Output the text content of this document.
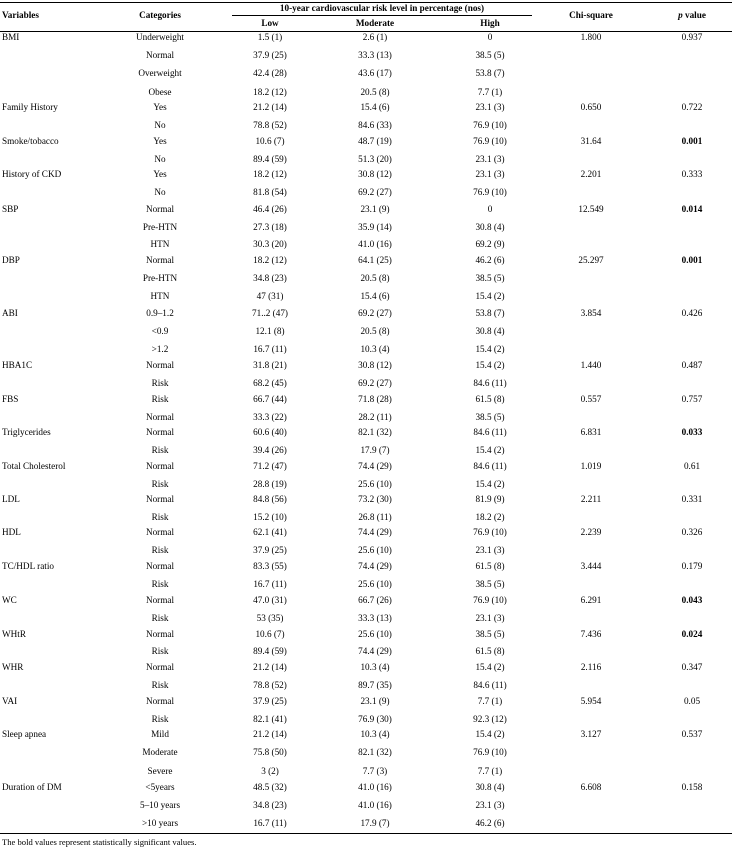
Variables	Categories
10-year cardiovascular risk level in percentage (nos)
Low	Moderate	High
Chi-square	p value
BMI	Underweight	1.5 (1)	2.6 (1)	0	1.800	0.937
Normal	37.9 (25)	33.3 (13)	38.5 (5)
Overweight	42.4 (28)	43.6 (17)	53.8 (7)
Obese	18.2 (12)	20.5 (8)	7.7 (1)
Family History	Yes	21.2 (14)	15.4 (6)	23.1 (3)	0.650	0.722
No	78.8 (52)	84.6 (33)	76.9 (10)
Smoke/tobacco	Yes	10.6 (7)	48.7 (19)	76.9 (10)	31.64	0.001
No	89.4 (59)	51.3 (20)	23.1 (3)
History of CKD	Yes	18.2 (12)	30.8 (12)	23.1 (3)	2.201	0.333
No	81.8 (54)	69.2 (27)	76.9 (10)
SBP	Normal	46.4 (26)	23.1 (9)	0	12.549	0.014
Pre-HTN	27.3 (18)	35.9 (14)	30.8 (4)
HTN	30.3 (20)	41.0 (16)	69.2 (9)
DBP	Normal	18.2 (12)	64.1 (25)	46.2 (6)	25.297	0.001
Pre-HTN	34.8 (23)	20.5 (8)	38.5 (5)
HTN	47 (31)	15.4 (6)	15.4 (2)
ABI	0.9–1.2	71..2 (47)	69.2 (27)	53.8 (7)	3.854	0.426
<0.9	12.1 (8)	20.5 (8)	30.8 (4)
>1.2	16.7 (11)	10.3 (4)	15.4 (2)
HBA1C	Normal	31.8 (21)	30.8 (12)	15.4 (2)	1.440	0.487
Risk	68.2 (45)	69.2 (27)	84.6 (11)
FBS	Risk	66.7 (44)	71.8 (28)	61.5 (8)	0.557	0.757
Normal	33.3 (22)	28.2 (11)	38.5 (5)
Triglycerides	Normal	60.6 (40)	82.1 (32)	84.6 (11)	6.831	0.033
Risk	39.4 (26)	17.9 (7)	15.4 (2)
Total Cholesterol	Normal	71.2 (47)	74.4 (29)	84.6 (11)	1.019	0.61
Risk	28.8 (19)	25.6 (10)	15.4 (2)
LDL	Normal	84.8 (56)	73.2 (30)	81.9 (9)	2.211	0.331
Risk	15.2 (10)	26.8 (11)	18.2 (2)
HDL	Normal	62.1 (41)	74.4 (29)	76.9 (10)	2.239	0.326
Risk	37.9 (25)	25.6 (10)	23.1 (3)
TC/HDL ratio	Normal	83.3 (55)	74.4 (29)	61.5 (8)	3.444	0.179
Risk	16.7 (11)	25.6 (10)	38.5 (5)
WC	Normal	47.0 (31)	66.7 (26)	76.9 (10)	6.291	0.043
Risk	53 (35)	33.3 (13)	23.1 (3)
WHtR	Normal	10.6 (7)	25.6 (10)	38.5 (5)	7.436	0.024
Risk	89.4 (59)	74.4 (29)	61.5 (8)
WHR	Normal	21.2 (14)	10.3 (4)	15.4 (2)	2.116	0.347
Risk	78.8 (52)	89.7 (35)	84.6 (11)
VAI	Normal	37.9 (25)	23.1 (9)	7.7 (1)	5.954	0.05
Risk	82.1 (41)	76.9 (30)	92.3 (12)
Sleep apnea	Mild	21.2 (14)	10.3 (4)	15.4 (2)	3.127	0.537
Moderate	75.8 (50)	82.1 (32)	76.9 (10)
Severe	3 (2)	7.7 (3)	7.7 (1)
Duration of DM	<5years	48.5 (32)	41.0 (16)	30.8 (4)	6.608	0.158
5–10 years	34.8 (23)	41.0 (16)	23.1 (3)
>10 years	16.7 (11)	17.9 (7)	46.2 (6)
The bold values represent statistically significant values.
